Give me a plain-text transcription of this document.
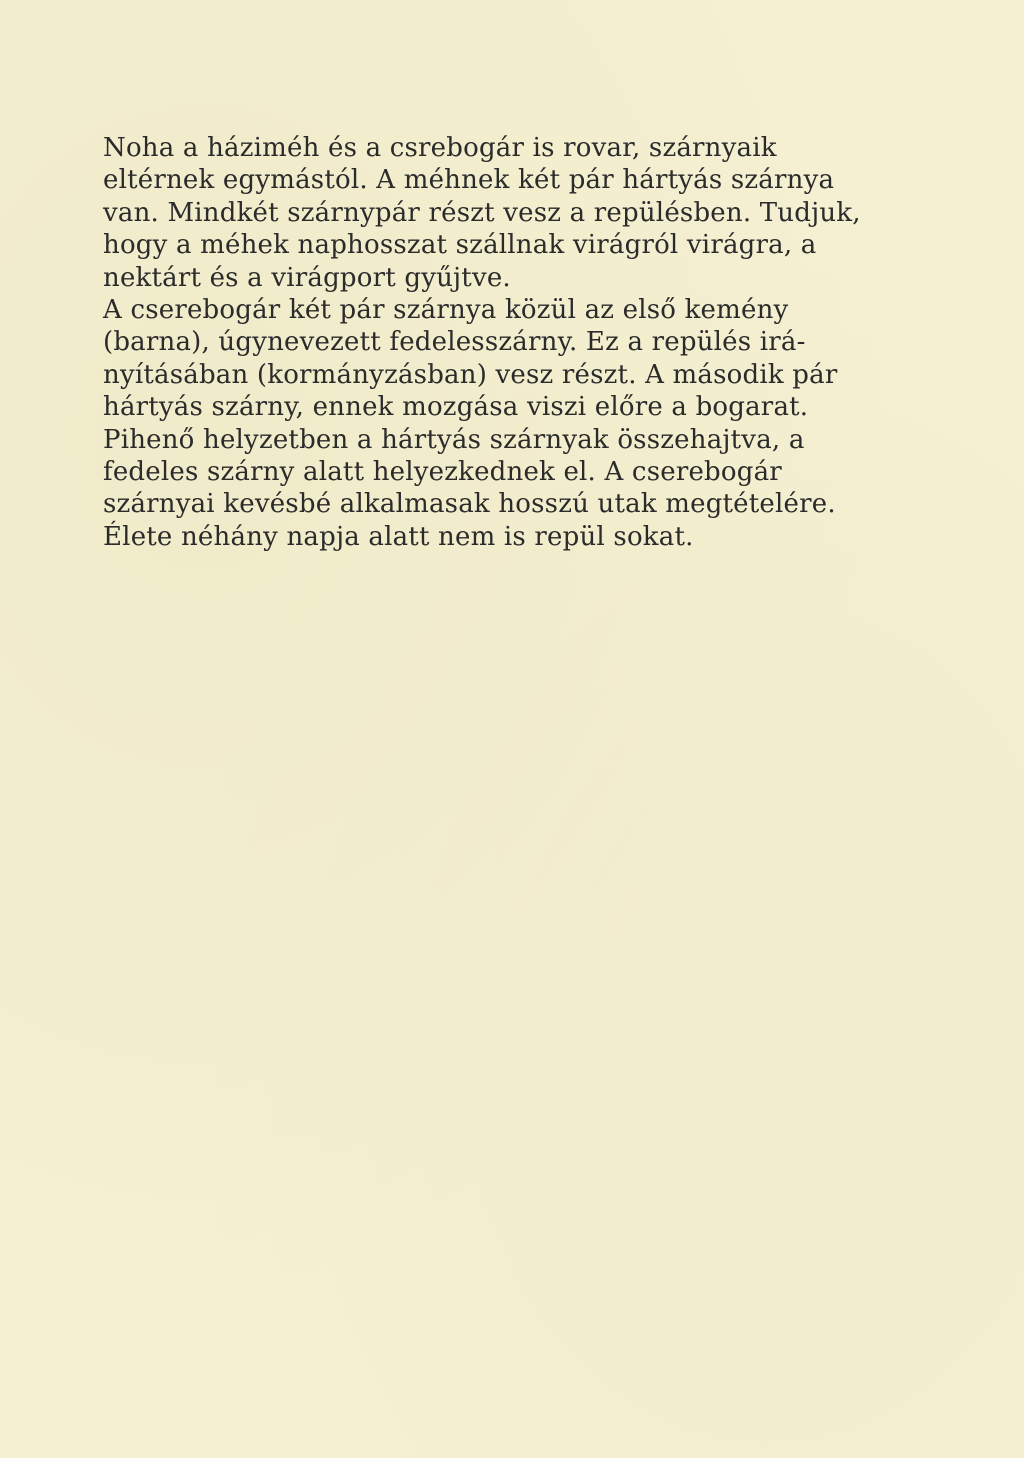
Noha a háziméh és a csrebogár is rovar, szárnyaik
eltérnek egymástól. A méhnek két pár hártyás szárnya
van. Mindkét szárnypár részt vesz a repülésben. Tudjuk,
hogy a méhek naphosszat szállnak virágról virágra, a
nektárt és a virágport gyűjtve.
A cserebogár két pár szárnya közül az első kemény
(barna), úgynevezett fedelesszárny. Ez a repülés irá-
nyításában (kormányzásban) vesz részt. A második pár
hártyás szárny, ennek mozgása viszi előre a bogarat.
Pihenő helyzetben a hártyás szárnyak összehajtva, a
fedeles szárny alatt helyezkednek el. A cserebogár
szárnyai kevésbé alkalmasak hosszú utak megtételére.
Élete néhány napja alatt nem is repül sokat.
